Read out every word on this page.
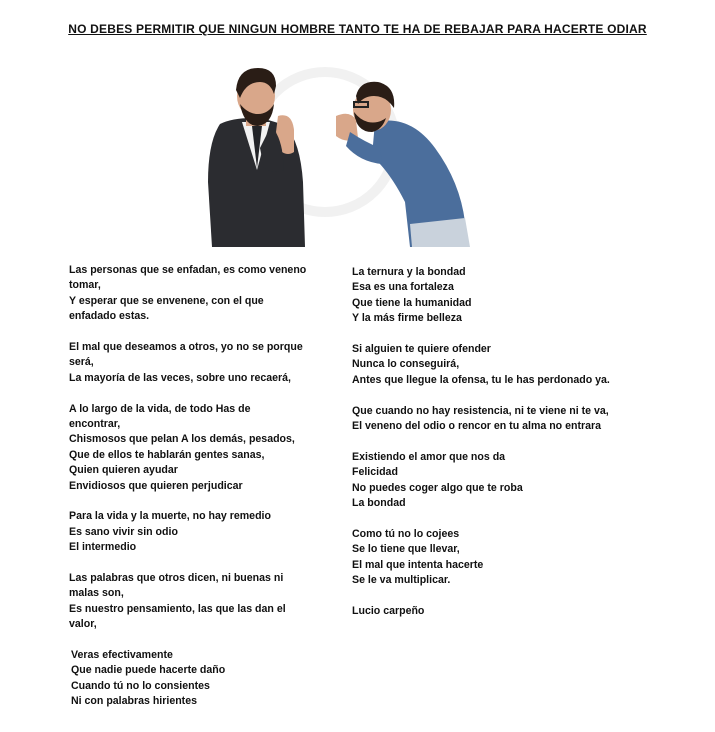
NO DEBES PERMITIR QUE NINGUN HOMBRE TANTO TE HA DE REBAJAR PARA HACERTE ODIAR

Las personas que se enfadan, es como veneno
tomar,
Y esperar que se envenene, con el que
enfadado estas.

El mal que deseamos a otros, yo no se porque
será,
La mayoría de las veces, sobre uno recaerá,

A lo largo de la vida, de todo Has de
encontrar,
Chismosos que pelan A los demás, pesados,
Que de ellos te hablarán gentes sanas,
Quien quieren ayudar
Envidiosos que quieren perjudicar

Para la vida y la muerte, no hay remedio
Es sano vivir sin odio
El intermedio

Las palabras que otros dicen, ni buenas ni
malas son,
Es nuestro pensamiento, las que las dan el
valor,

Veras efectivamente
Que nadie puede hacerte daño
Cuando tú no lo consientes
Ni con palabras hirientes

La ternura y la bondad
Esa es una fortaleza
Que tiene la humanidad
Y la más firme belleza

Si alguien te quiere ofender
Nunca lo conseguirá,
Antes que llegue la ofensa, tu le has perdonado ya.

Que cuando no hay resistencia, ni te viene ni te va,
El veneno del odio o rencor en tu alma no entrara

Existiendo el amor que nos da
Felicidad
No puedes coger algo que te roba
La bondad

Como tú no lo cojees
Se lo tiene que llevar,
El mal que intenta hacerte
Se le va multiplicar.

Lucio carpeño
